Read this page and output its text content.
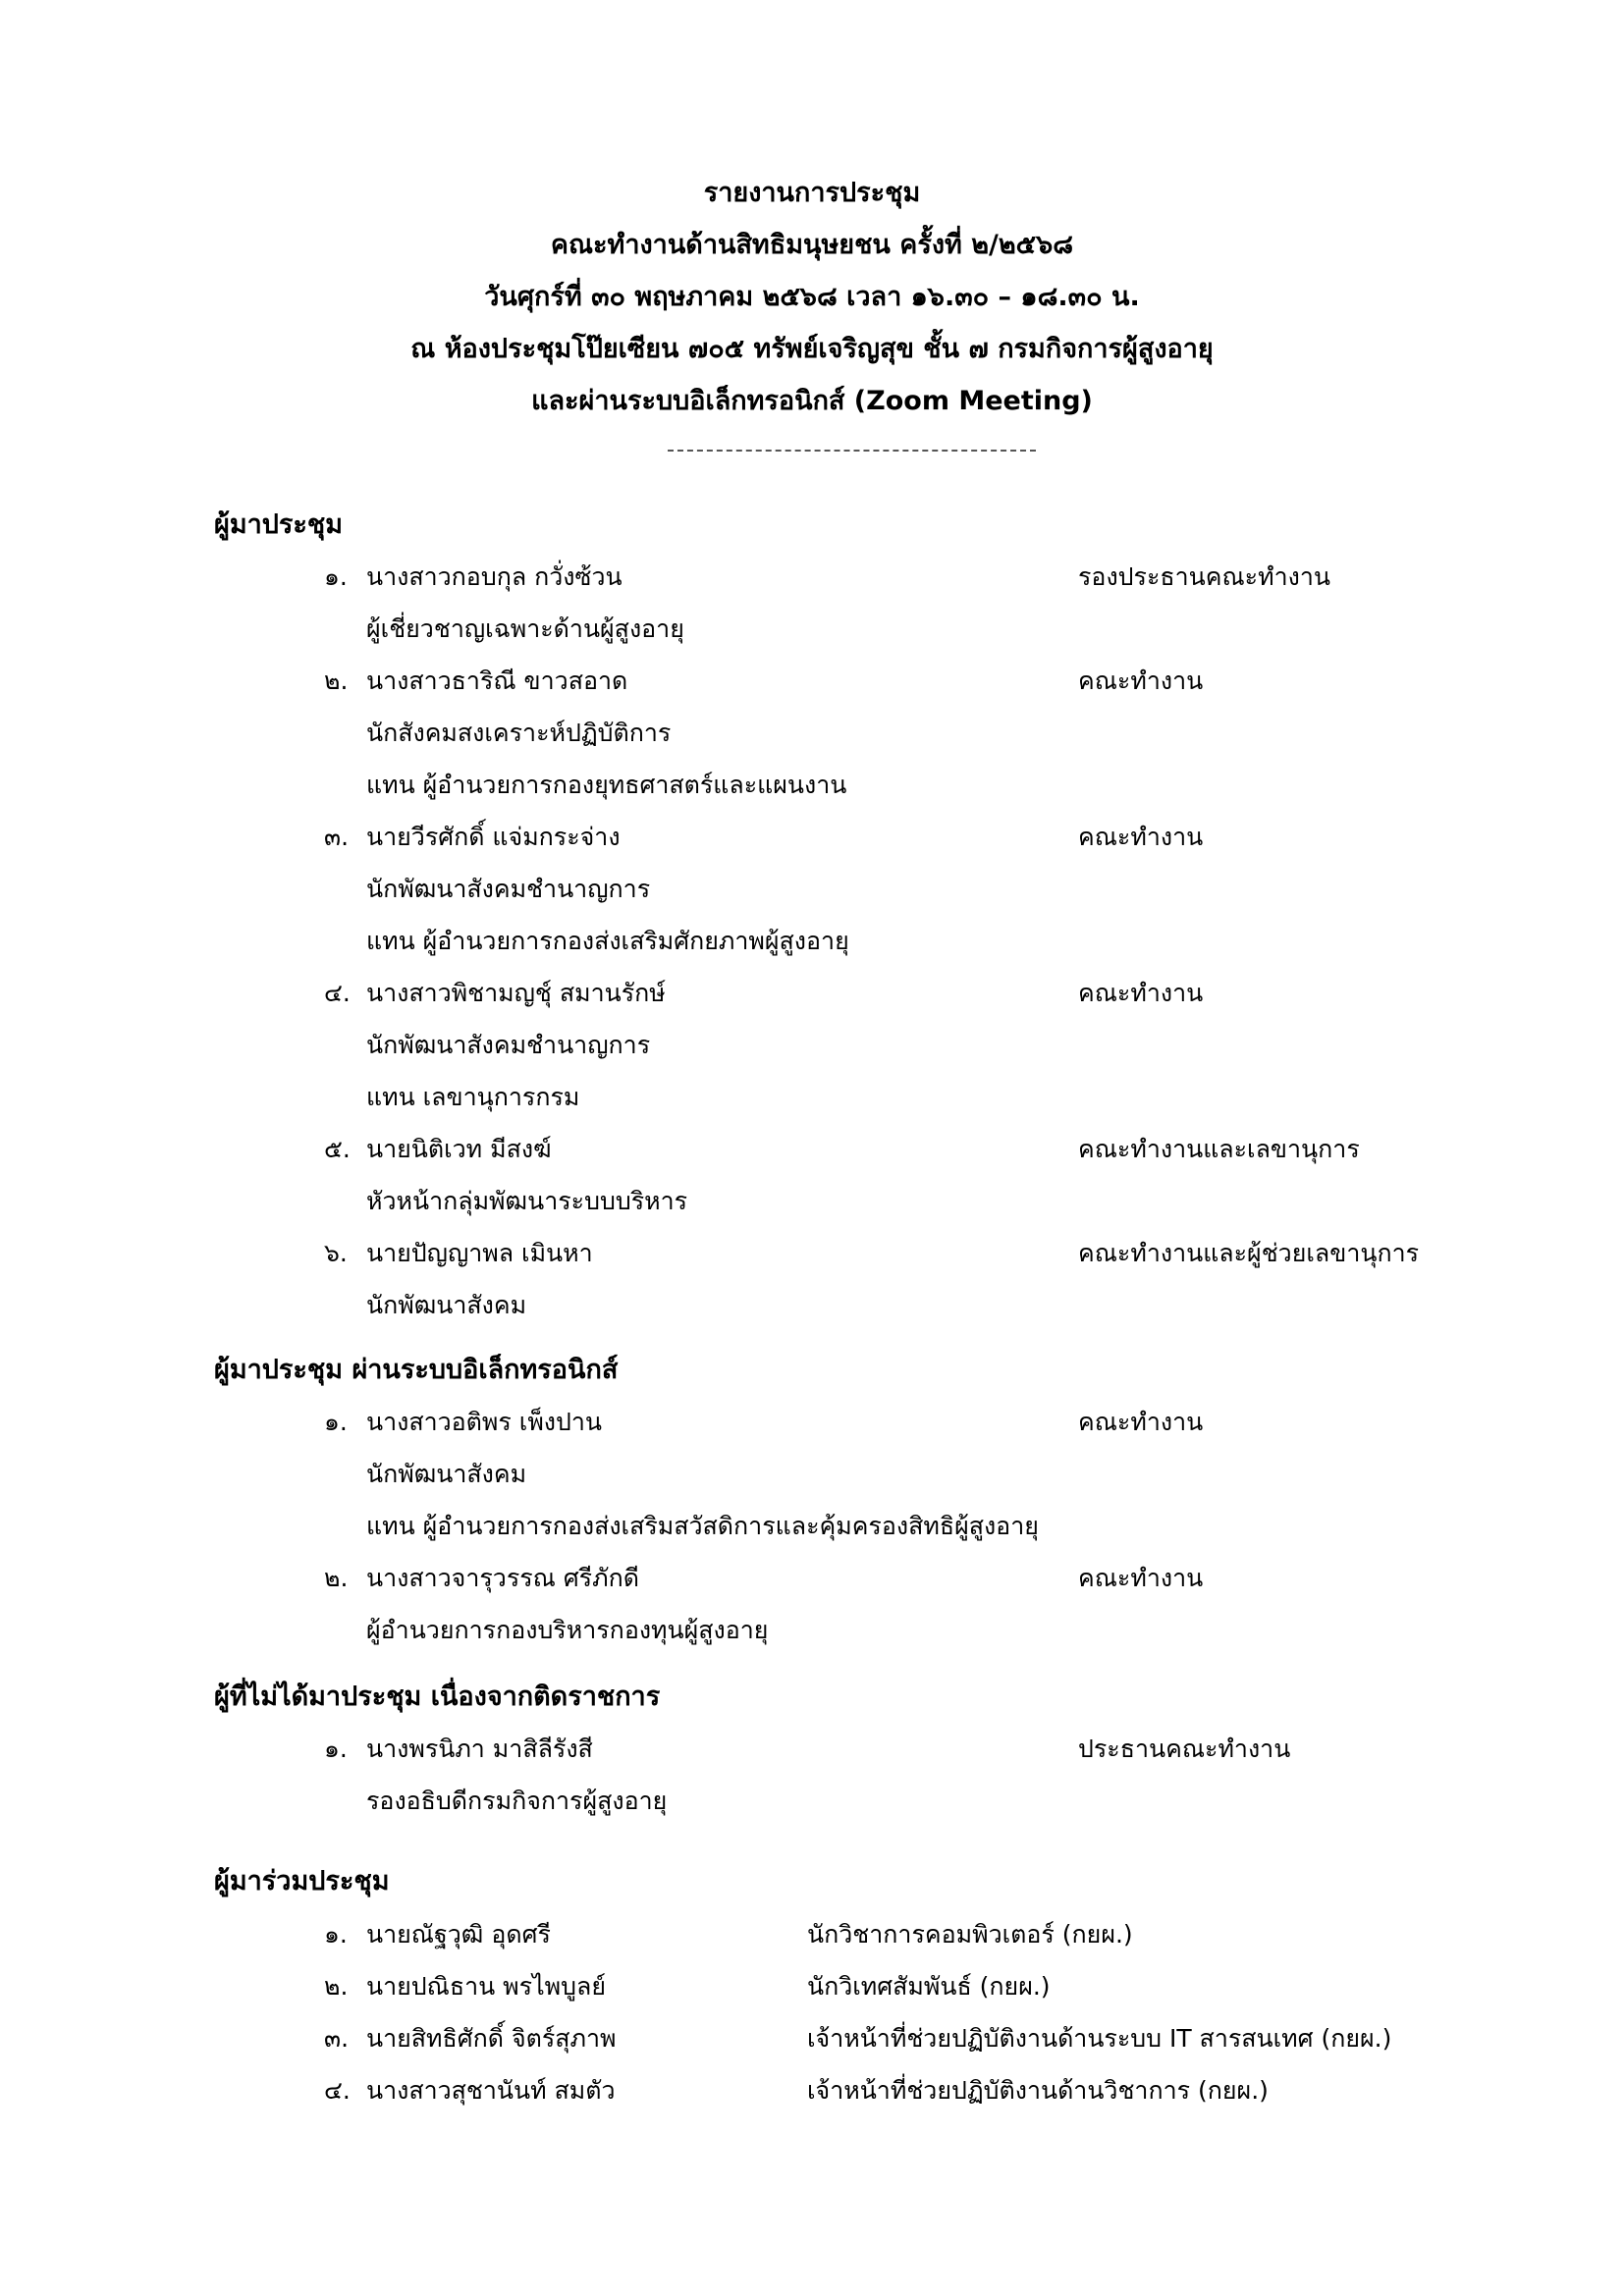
รายงานการประชุม
คณะทำงานด้านสิทธิมนุษยชน ครั้งที่ ๒/๒๕๖๘
วันศุกร์ที่ ๓๐ พฤษภาคม ๒๕๖๘ เวลา ๑๖.๓๐ – ๑๘.๓๐ น.
ณ ห้องประชุมโป๊ยเซียน ๗๐๕ ทรัพย์เจริญสุข ชั้น ๗ กรมกิจการผู้สูงอายุ
และผ่านระบบอิเล็กทรอนิกส์ (Zoom Meeting)
ผู้มาประชุม
๑. นางสาวกอบกุล กวั่งซ้วน	รองประธานคณะทำงาน
ผู้เชี่ยวชาญเฉพาะด้านผู้สูงอายุ
๒. นางสาวธาริณี ขาวสอาด	คณะทำงาน
นักสังคมสงเคราะห์ปฏิบัติการ
แทน ผู้อำนวยการกองยุทธศาสตร์และแผนงาน
๓. นายวีรศักดิ์ แจ่มกระจ่าง	คณะทำงาน
นักพัฒนาสังคมชำนาญการ
แทน ผู้อำนวยการกองส่งเสริมศักยภาพผู้สูงอายุ
๔. นางสาวพิชามญชุ์ สมานรักษ์	คณะทำงาน
นักพัฒนาสังคมชำนาญการ
แทน เลขานุการกรม
๕. นายนิติเวท มีสงฆ์	คณะทำงานและเลขานุการ
หัวหน้ากลุ่มพัฒนาระบบบริหาร
๖. นายปัญญาพล เมินหา	คณะทำงานและผู้ช่วยเลขานุการ
นักพัฒนาสังคม
ผู้มาประชุม ผ่านระบบอิเล็กทรอนิกส์
๑. นางสาวอติพร เพ็งปาน	คณะทำงาน
นักพัฒนาสังคม
แทน ผู้อำนวยการกองส่งเสริมสวัสดิการและคุ้มครองสิทธิผู้สูงอายุ
๒. นางสาวจารุวรรณ ศรีภักดี	คณะทำงาน
ผู้อำนวยการกองบริหารกองทุนผู้สูงอายุ
ผู้ที่ไม่ได้มาประชุม เนื่องจากติดราชการ
๑. นางพรนิภา มาสิลีรังสี	ประธานคณะทำงาน
รองอธิบดีกรมกิจการผู้สูงอายุ
ผู้มาร่วมประชุม
๑. นายณัฐวุฒิ อุดศรี	นักวิชาการคอมพิวเตอร์ (กยผ.)
๒. นายปณิธาน พรไพบูลย์	นักวิเทศสัมพันธ์ (กยผ.)
๓. นายสิทธิศักดิ์ จิตร์สุภาพ	เจ้าหน้าที่ช่วยปฏิบัติงานด้านระบบ IT สารสนเทศ (กยผ.)
๔. นางสาวสุชานันท์ สมตัว	เจ้าหน้าที่ช่วยปฏิบัติงานด้านวิชาการ (กยผ.)
